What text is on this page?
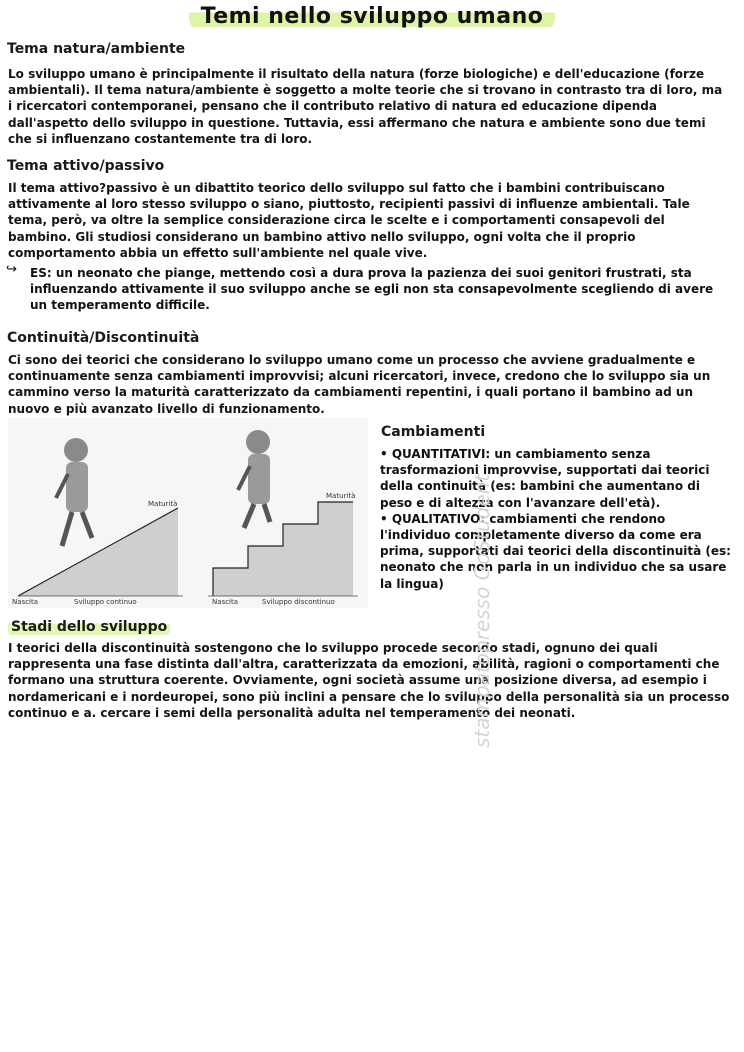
Temi nello sviluppo umano
Tema natura/ambiente

Lo sviluppo umano è principalmente il risultato della natura (forze biologiche) e dell'educazione (forze ambientali). Il tema natura/ambiente è soggetto a molte teorie che si trovano in contrasto tra di loro, ma i ricercatori contemporanei, pensano che il contributo relativo di natura ed educazione dipenda dall'aspetto dello sviluppo in questione. Tuttavia, essi affermano che natura e ambiente sono due temi che si influenzano costantemente tra di loro.

Tema attivo/passivo

Il tema attivo?passivo è un dibattito teorico dello sviluppo sul fatto che i bambini contribuiscano attivamente al loro stesso sviluppo o siano, piuttosto, recipienti passivi di influenze ambientali. Tale tema, però, va oltre la semplice considerazione circa le scelte e i comportamenti consapevoli del bambino. Gli studiosi considerano un bambino attivo nello sviluppo, ogni volta che il proprio comportamento abbia un effetto sull'ambiente nel quale vive.

↪ ES: un neonato che piange, mettendo così a dura prova la pazienza dei suoi genitori frustrati, sta influenzando attivamente il suo sviluppo anche se egli non sta consapevolmente scegliendo di avere un temperamento difficile.

Continuità/Discontinuità

Ci sono dei teorici che considerano lo sviluppo umano come un processo che avviene gradualmente e continuamente senza cambiamenti improvvisi; alcuni ricercatori, invece, credono che lo sviluppo sia un cammino verso la maturità caratterizzato da cambiamenti repentini, i quali portano il bambino ad un nuovo e più avanzato livello di funzionamento.

Nascita	Sviluppo continuo
Maturità
Nascita	Sviluppo discontinuo
Maturità
Cambiamenti
• QUANTITATIVI: un cambiamento senza trasformazioni improvvise, supportati dai teorici della continuità (es: bambini che aumentano di peso e di altezza con l'avanzare dell'età).
• QUALITATIVO: cambiamenti che rendono l'individuo completamente diverso da come era prima, supportati dai teorici della discontinuità (es: neonato che non parla in un individuo che sa usare la lingua)
Stadi dello sviluppo

I teorici della discontinuità sostengono che lo sviluppo procede secondo stadi, ognuno dei quali rappresenta una fase distinta dall'altra, caratterizzata da emozioni, abilità, ragioni o comportamenti che formano una struttura coerente. Ovviamente, ogni società assume una posizione diversa, ad esempio i nordamericani e i nordeuropei, sono più inclini a pensare che lo sviluppo della personalità sia un processo continuo e a. cercare i semi della personalità adulta nel temperamento dei neonati.

stampatopresso GoStudent
